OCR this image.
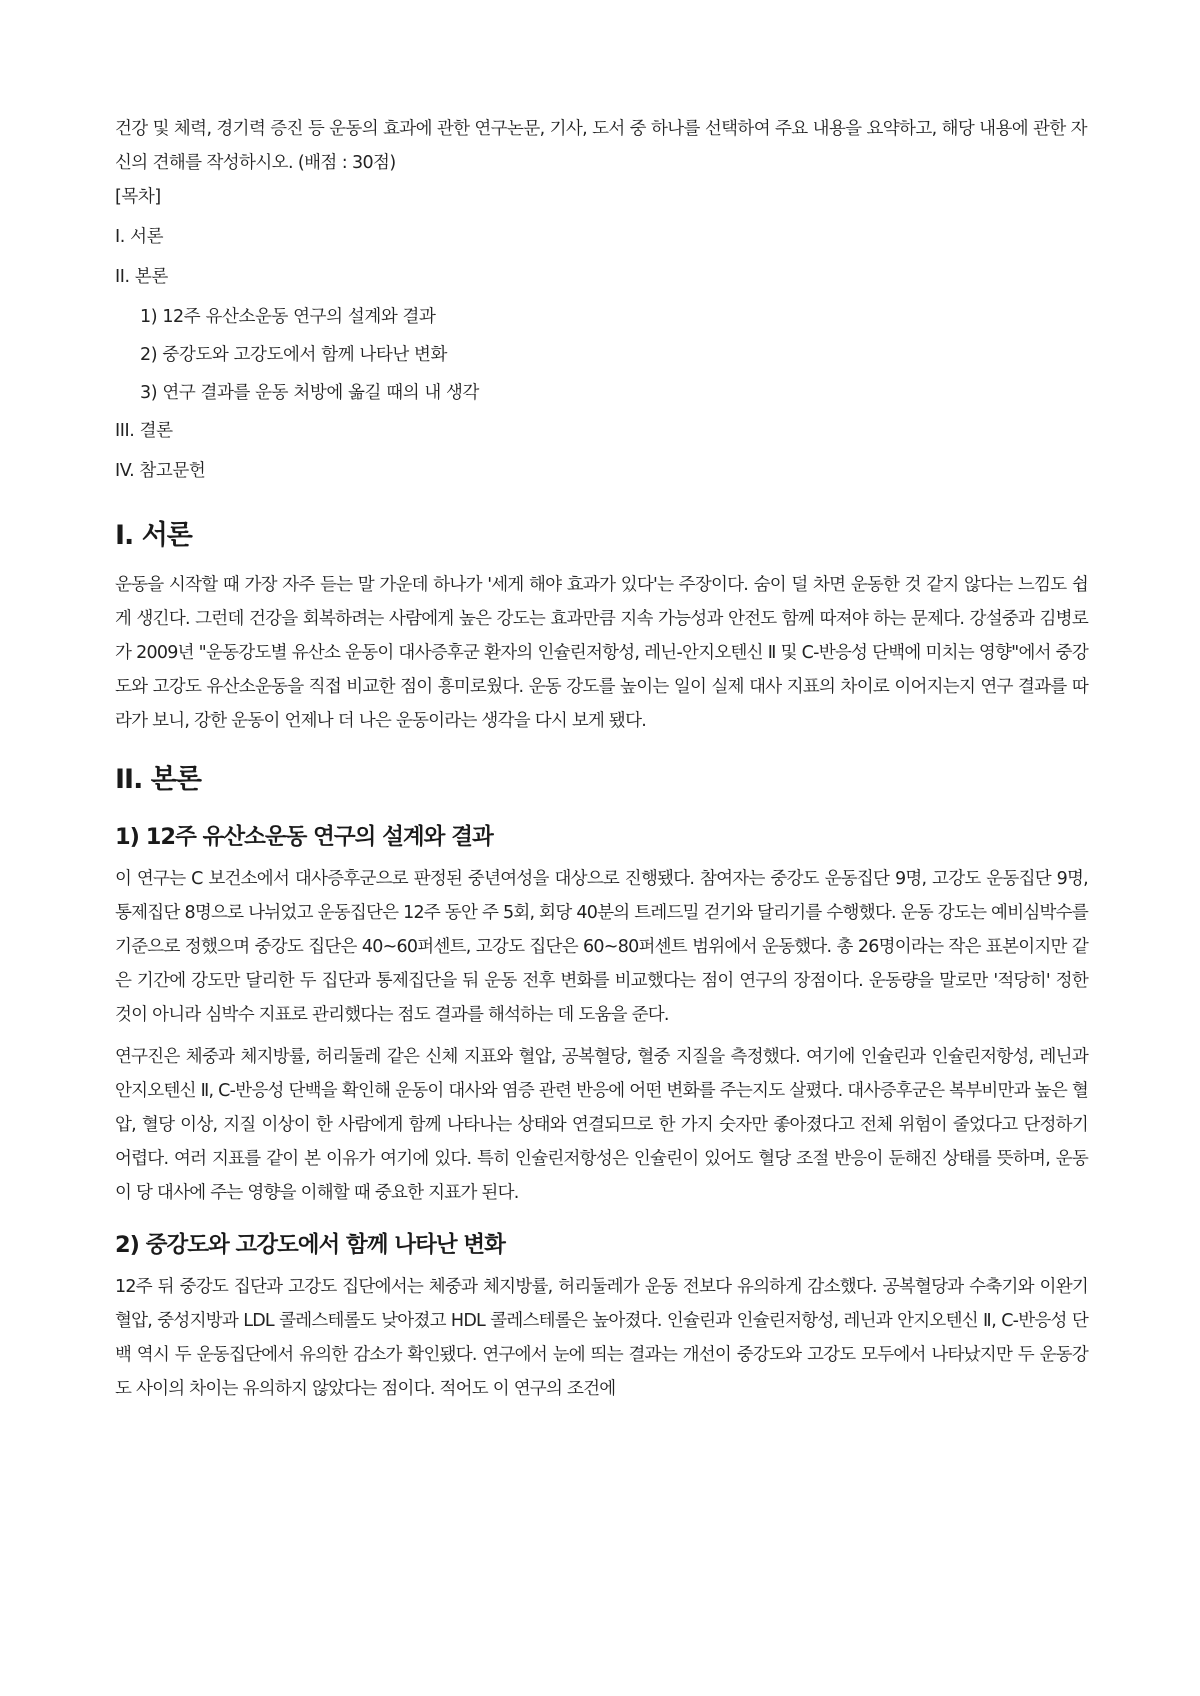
건강 및 체력, 경기력 증진 등 운동의 효과에 관한 연구논문, 기사, 도서 중 하나를 선택하여 주요 내용을 요약하고, 해당 내용에 관한 자신의 견해를 작성하시오. (배점 : 30점)

[목차]

I. 서론

II. 본론

1) 12주 유산소운동 연구의 설계와 결과

2) 중강도와 고강도에서 함께 나타난 변화

3) 연구 결과를 운동 처방에 옮길 때의 내 생각

III. 결론

IV. 참고문헌

I. 서론

운동을 시작할 때 가장 자주 듣는 말 가운데 하나가 '세게 해야 효과가 있다'는 주장이다. 숨이 덜 차면 운동한 것 같지 않다는 느낌도 쉽게 생긴다. 그런데 건강을 회복하려는 사람에게 높은 강도는 효과만큼 지속 가능성과 안전도 함께 따져야 하는 문제다. 강설중과 김병로가 2009년 "운동강도별 유산소 운동이 대사증후군 환자의 인슐린저항성, 레닌-안지오텐신 Ⅱ 및 C-반응성 단백에 미치는 영향"에서 중강도와 고강도 유산소운동을 직접 비교한 점이 흥미로웠다. 운동 강도를 높이는 일이 실제 대사 지표의 차이로 이어지는지 연구 결과를 따라가 보니, 강한 운동이 언제나 더 나은 운동이라는 생각을 다시 보게 됐다.

II. 본론
1) 12주 유산소운동 연구의 설계와 결과

이 연구는 C 보건소에서 대사증후군으로 판정된 중년여성을 대상으로 진행됐다. 참여자는 중강도 운동집단 9명, 고강도 운동집단 9명, 통제집단 8명으로 나뉘었고 운동집단은 12주 동안 주 5회, 회당 40분의 트레드밀 걷기와 달리기를 수행했다. 운동 강도는 예비심박수를 기준으로 정했으며 중강도 집단은 40~60퍼센트, 고강도 집단은 60~80퍼센트 범위에서 운동했다. 총 26명이라는 작은 표본이지만 같은 기간에 강도만 달리한 두 집단과 통제집단을 둬 운동 전후 변화를 비교했다는 점이 연구의 장점이다. 운동량을 말로만 '적당히' 정한 것이 아니라 심박수 지표로 관리했다는 점도 결과를 해석하는 데 도움을 준다.

연구진은 체중과 체지방률, 허리둘레 같은 신체 지표와 혈압, 공복혈당, 혈중 지질을 측정했다. 여기에 인슐린과 인슐린저항성, 레닌과 안지오텐신 Ⅱ, C-반응성 단백을 확인해 운동이 대사와 염증 관련 반응에 어떤 변화를 주는지도 살폈다. 대사증후군은 복부비만과 높은 혈압, 혈당 이상, 지질 이상이 한 사람에게 함께 나타나는 상태와 연결되므로 한 가지 숫자만 좋아졌다고 전체 위험이 줄었다고 단정하기 어렵다. 여러 지표를 같이 본 이유가 여기에 있다. 특히 인슐린저항성은 인슐린이 있어도 혈당 조절 반응이 둔해진 상태를 뜻하며, 운동이 당 대사에 주는 영향을 이해할 때 중요한 지표가 된다.

2) 중강도와 고강도에서 함께 나타난 변화

12주 뒤 중강도 집단과 고강도 집단에서는 체중과 체지방률, 허리둘레가 운동 전보다 유의하게 감소했다. 공복혈당과 수축기와 이완기 혈압, 중성지방과 LDL 콜레스테롤도 낮아졌고 HDL 콜레스테롤은 높아졌다. 인슐린과 인슐린저항성, 레닌과 안지오텐신 Ⅱ, C-반응성 단백 역시 두 운동집단에서 유의한 감소가 확인됐다. 연구에서 눈에 띄는 결과는 개선이 중강도와 고강도 모두에서 나타났지만 두 운동강도 사이의 차이는 유의하지 않았다는 점이다. 적어도 이 연구의 조건에
